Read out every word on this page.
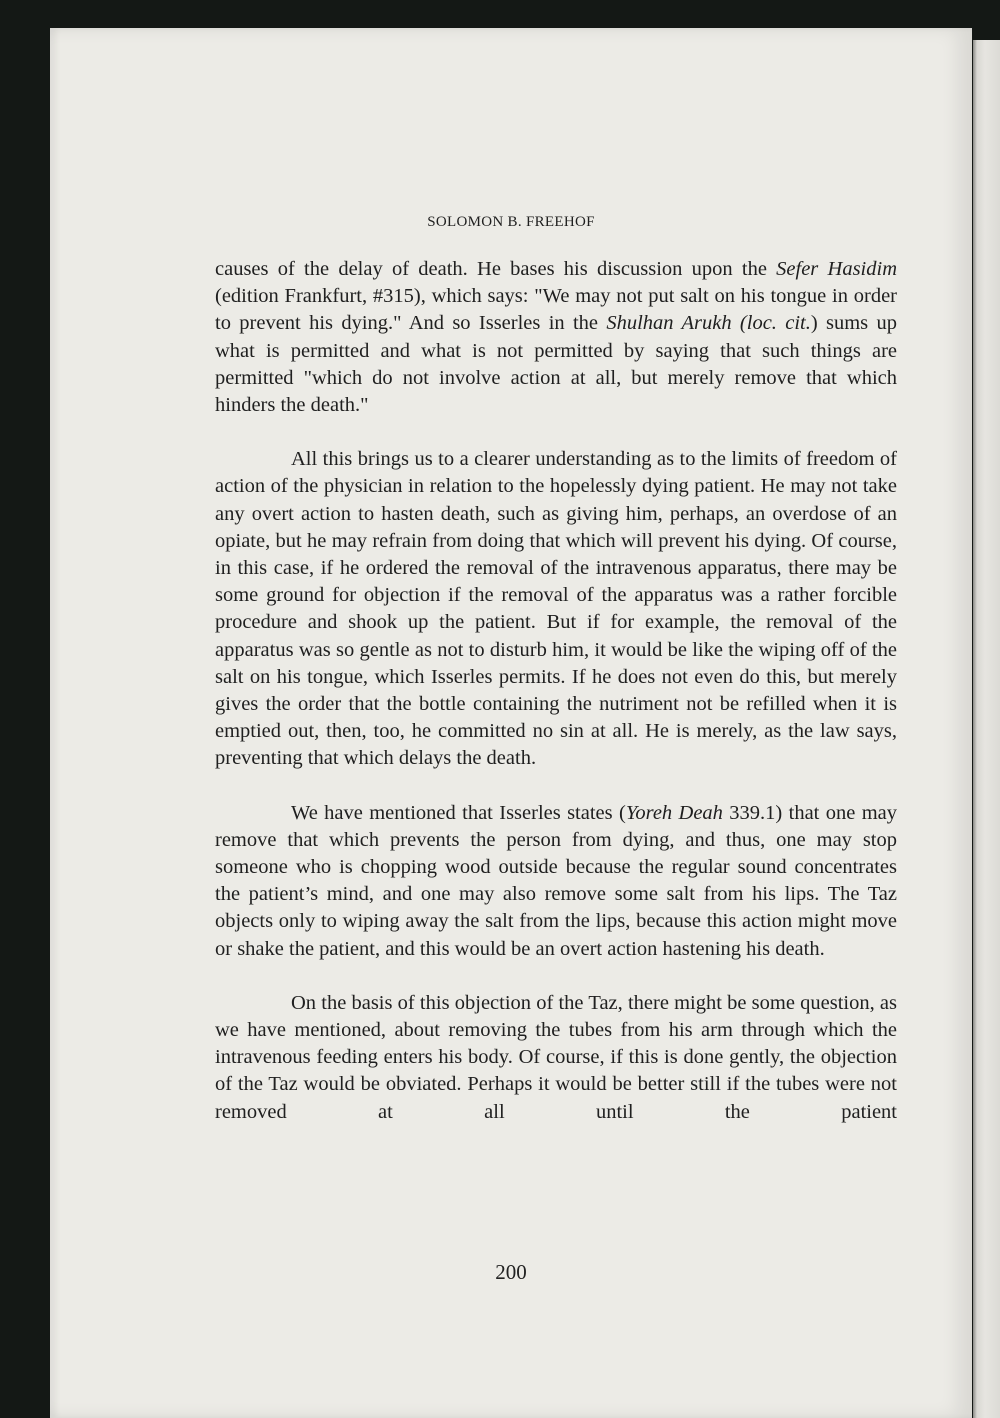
SOLOMON B. FREEHOF

causes of the delay of death. He bases his discussion upon the Sefer Hasidim (edition Frankfurt, #315), which says: "We may not put salt on his tongue in order to prevent his dying." And so Isserles in the Shulhan Arukh (loc. cit.) sums up what is permitted and what is not permitted by saying that such things are permitted "which do not involve action at all, but merely remove that which hinders the death."

All this brings us to a clearer understanding as to the limits of freedom of action of the physician in relation to the hopelessly dying patient. He may not take any overt action to hasten death, such as giving him, perhaps, an overdose of an opiate, but he may refrain from doing that which will prevent his dying. Of course, in this case, if he ordered the removal of the intravenous apparatus, there may be some ground for objection if the removal of the apparatus was a rather forcible procedure and shook up the patient. But if for example, the removal of the apparatus was so gentle as not to disturb him, it would be like the wiping off of the salt on his tongue, which Isserles permits. If he does not even do this, but merely gives the order that the bottle containing the nutriment not be refilled when it is emptied out, then, too, he committed no sin at all. He is merely, as the law says, preventing that which delays the death.

We have mentioned that Isserles states (Yoreh Deah 339.1) that one may remove that which prevents the person from dying, and thus, one may stop someone who is chopping wood outside because the regular sound concentrates the patient’s mind, and one may also remove some salt from his lips. The Taz objects only to wiping away the salt from the lips, because this action might move or shake the patient, and this would be an overt action hastening his death.

On the basis of this objection of the Taz, there might be some question, as we have mentioned, about removing the tubes from his arm through which the intravenous feeding enters his body. Of course, if this is done gently, the objection of the Taz would be obviated. Perhaps it would be better still if the tubes were not removed at all until the patient

200
